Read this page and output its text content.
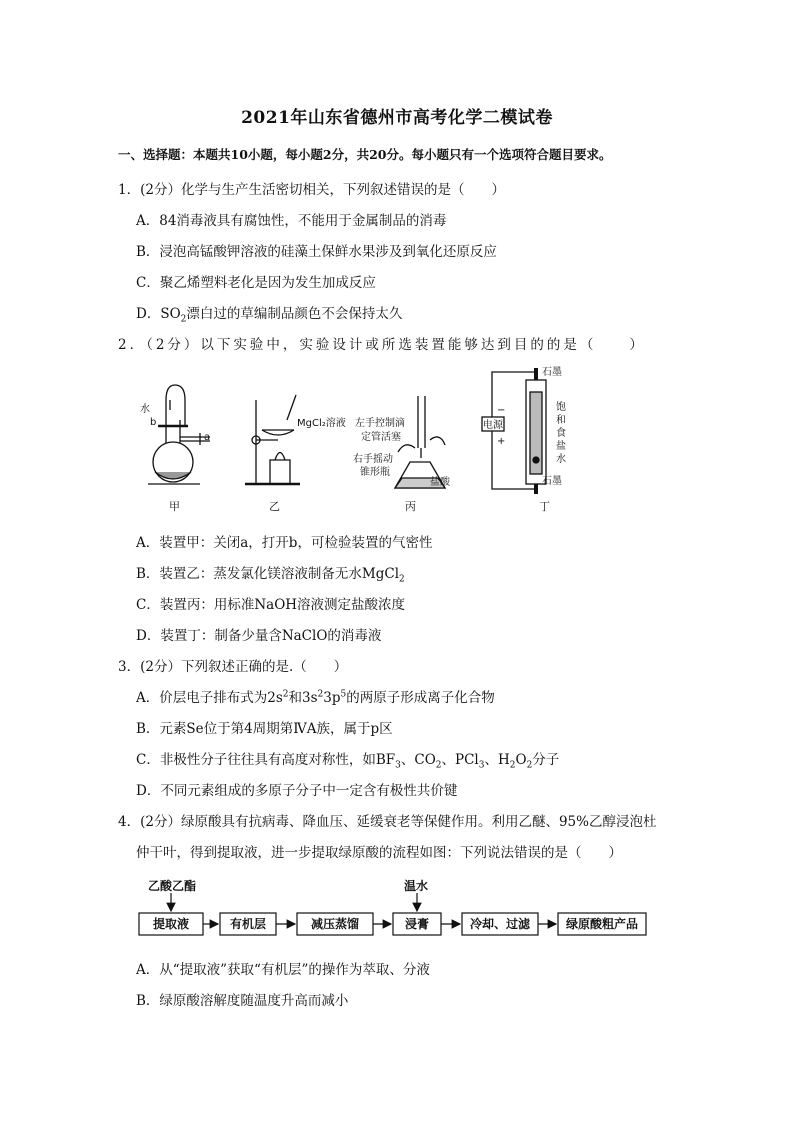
2021年山东省德州市高考化学二模试卷
一、选择题：本题共10小题，每小题2分，共20分。每小题只有一个选项符合题目要求。
1．(2分）化学与生产生活密切相关，下列叙述错误的是（　　）
A．84消毒液具有腐蚀性，不能用于金属制品的消毒
B．浸泡高锰酸钾溶液的硅藻土保鲜水果涉及到氧化还原反应
C．聚乙烯塑料老化是因为发生加成反应
D．$SO_2$漂白过的草编制品颜色不会保持太久
2．（2分）以下实验中，实验设计或所选装置能够达到目的的是（　　）
水
b
a
MgCl₂溶液 左手控制滴
定管活塞
右手摇动
锥形瓶
盐酸
电源
−
+
石墨
石墨
饱
和
食
盐
水
甲	乙	丙	丁
A．装置甲：关闭a，打开b，可检验装置的气密性
B．装置乙：蒸发氯化镁溶液制备无水MgCl$_2$
C．装置丙：用标准NaOH溶液测定盐酸浓度
D．装置丁：制备少量含NaClO的消毒液
3．(2分）下列叙述正确的是.（　　）
A．价层电子排布式为$2s^2$和$3s^23p^5$的两原子形成离子化合物
B．元素Se位于第4周期第ⅣA族，属于p区
C．非极性分子往往具有高度对称性，如$BF_3$、$CO_2$、PCl$_3$、$H_2O_2$分子
D．不同元素组成的多原子分子中一定含有极性共价键
4．(2分）绿原酸具有抗病毒、降血压、延缓衰老等保健作用。利用乙醚、95%乙醇浸泡杜
仲干叶，得到提取液，进一步提取绿原酸的流程如图：下列说法错误的是（　　）
乙酸乙酯	温水
提取液	有机层	减压蒸馏	浸膏	冷却、过滤	绿原酸粗产品
A．从“提取液”获取“有机层”的操作为萃取、分液
B．绿原酸溶解度随温度升高而减小
